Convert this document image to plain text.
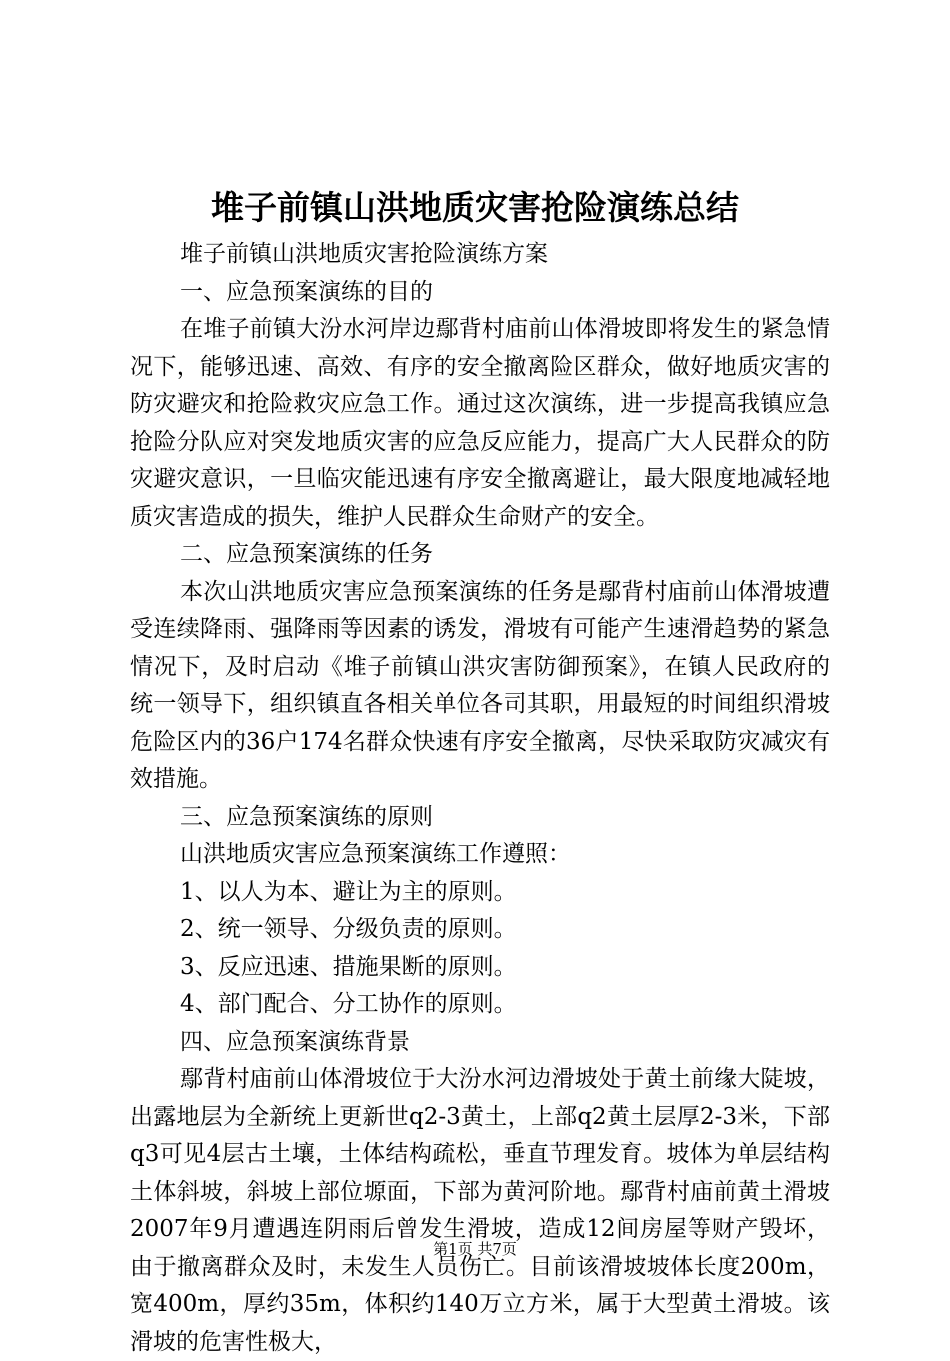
堆子前镇山洪地质灾害抢险演练总结

堆子前镇山洪地质灾害抢险演练方案

一、应急预案演练的目的

在堆子前镇大汾水河岸边鄢背村庙前山体滑坡即将发生的紧急情况下，能够迅速、高效、有序的安全撤离险区群众，做好地质灾害的防灾避灾和抢险救灾应急工作。通过这次演练，进一步提高我镇应急抢险分队应对突发地质灾害的应急反应能力，提高广大人民群众的防灾避灾意识，一旦临灾能迅速有序安全撤离避让，最大限度地减轻地质灾害造成的损失，维护人民群众生命财产的安全。

二、应急预案演练的任务

本次山洪地质灾害应急预案演练的任务是鄢背村庙前山体滑坡遭受连续降雨、强降雨等因素的诱发，滑坡有可能产生速滑趋势的紧急情况下，及时启动《堆子前镇山洪灾害防御预案》，在镇人民政府的统一领导下，组织镇直各相关单位各司其职，用最短的时间组织滑坡危险区内的36户174名群众快速有序安全撤离，尽快采取防灾减灾有效措施。

三、应急预案演练的原则

山洪地质灾害应急预案演练工作遵照：

1、以人为本、避让为主的原则。

2、统一领导、分级负责的原则。

3、反应迅速、措施果断的原则。

4、部门配合、分工协作的原则。

四、应急预案演练背景

鄢背村庙前山体滑坡位于大汾水河边滑坡处于黄土前缘大陡坡，出露地层为全新统上更新世q2-3黄土，上部q2黄土层厚2-3米，下部q3可见4层古土壤，土体结构疏松，垂直节理发育。坡体为单层结构土体斜坡，斜坡上部位塬面，下部为黄河阶地。鄢背村庙前黄土滑坡2007年9月遭遇连阴雨后曾发生滑坡，造成12间房屋等财产毁坏，由于撤离群众及时，未发生人员伤亡。目前该滑坡坡体长度200m，宽400m，厚约35m，体积约140万立方米，属于大型黄土滑坡。该滑坡的危害性极大，

第1页 共7页
